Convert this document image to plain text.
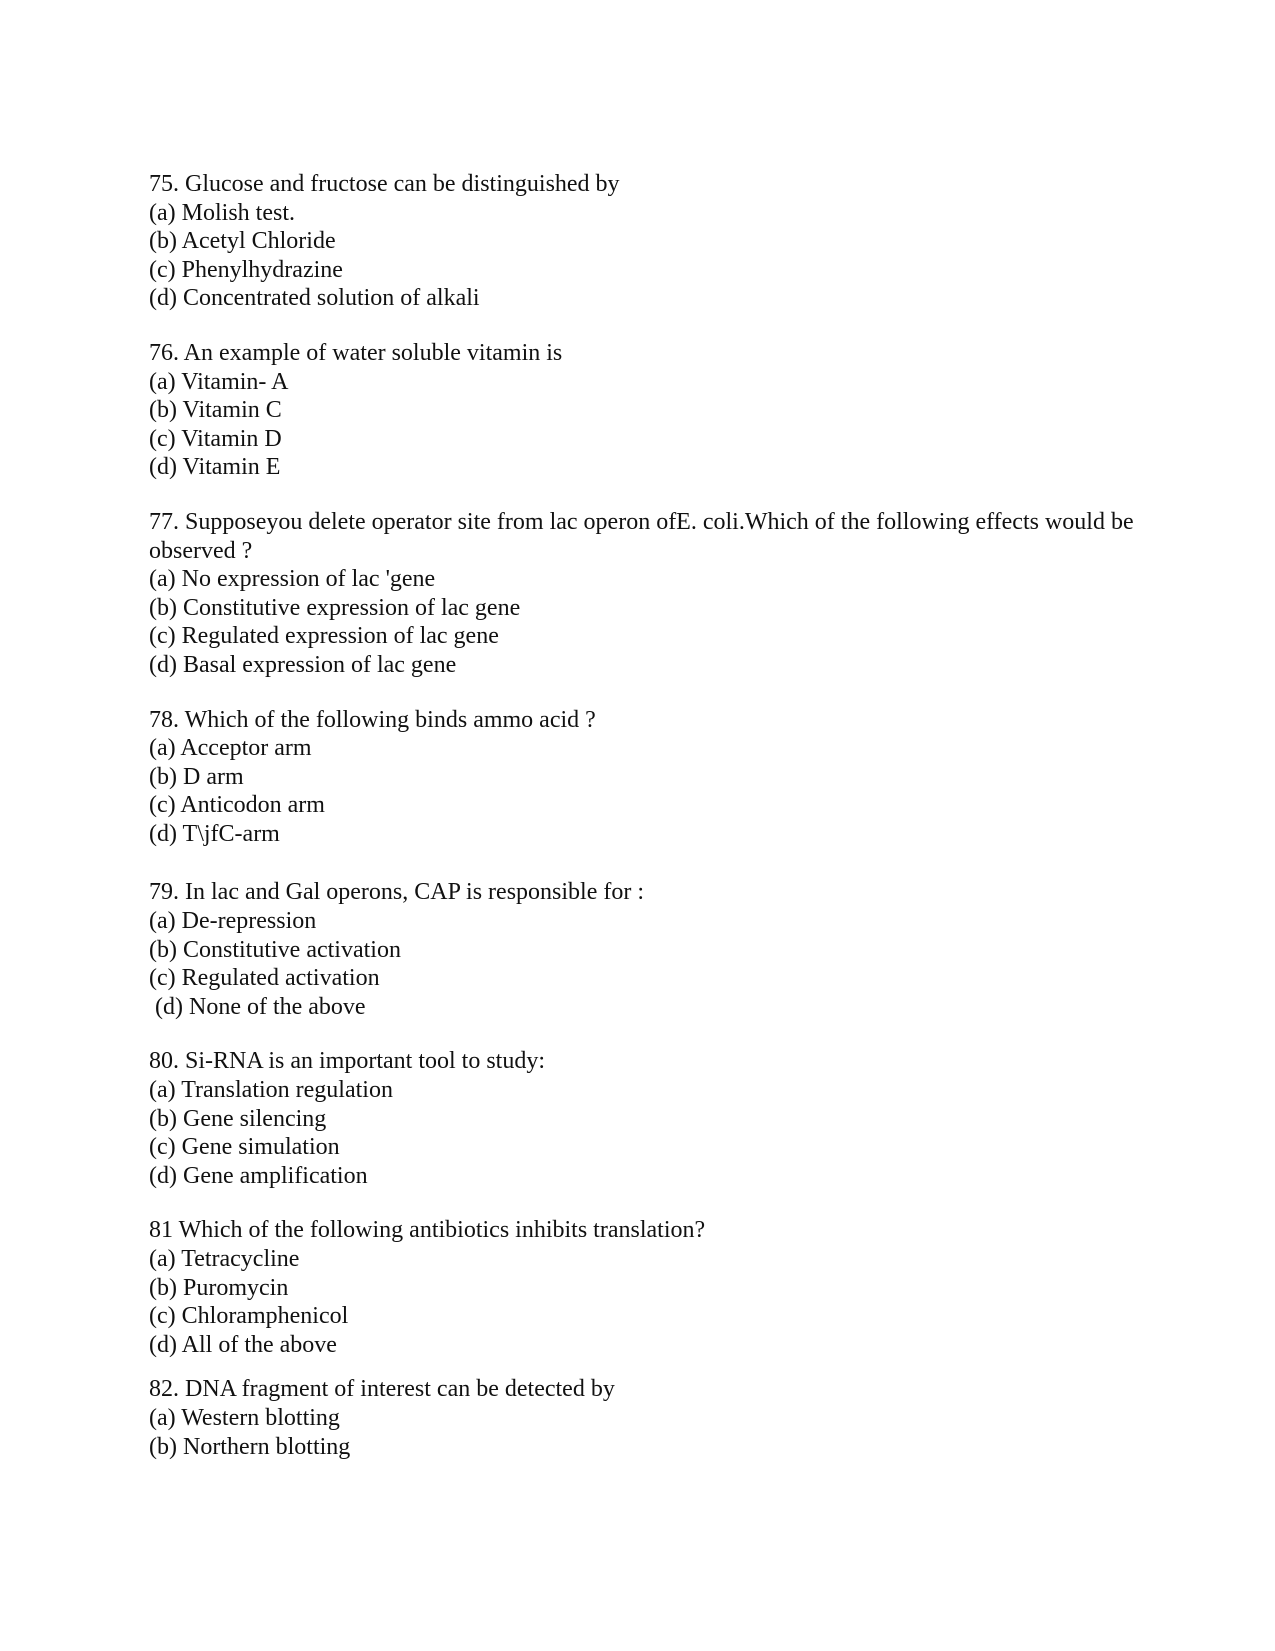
75. Glucose and fructose can be distinguished by
(a) Molish test.
(b) Acetyl Chloride
(c) Phenylhydrazine
(d) Concentrated solution of alkali
76. An example of water soluble vitamin is
(a) Vitamin- A
(b) Vitamin C
(c) Vitamin D
(d) Vitamin E
77. Supposeyou delete operator site from lac operon ofE. coli.Which of the following effects would be observed ?
(a) No expression of lac 'gene
(b) Constitutive expression of lac gene
(c) Regulated expression of lac gene
(d) Basal expression of lac gene
78. Which of the following binds ammo acid ?
(a) Acceptor arm
(b) D arm
(c) Anticodon arm
(d) T\jfC-arm
79. In lac and Gal operons, CAP is responsible for :
(a) De-repression
(b) Constitutive activation
(c) Regulated activation
(d) None of the above
80. Si-RNA is an important tool to study:
(a) Translation regulation
(b) Gene silencing
(c) Gene simulation
(d) Gene amplification
81 Which of the following antibiotics inhibits translation?
(a) Tetracycline
(b) Puromycin
(c) Chloramphenicol
(d) All of the above
82. DNA fragment of interest can be detected by
(a) Western blotting
(b) Northern blotting
